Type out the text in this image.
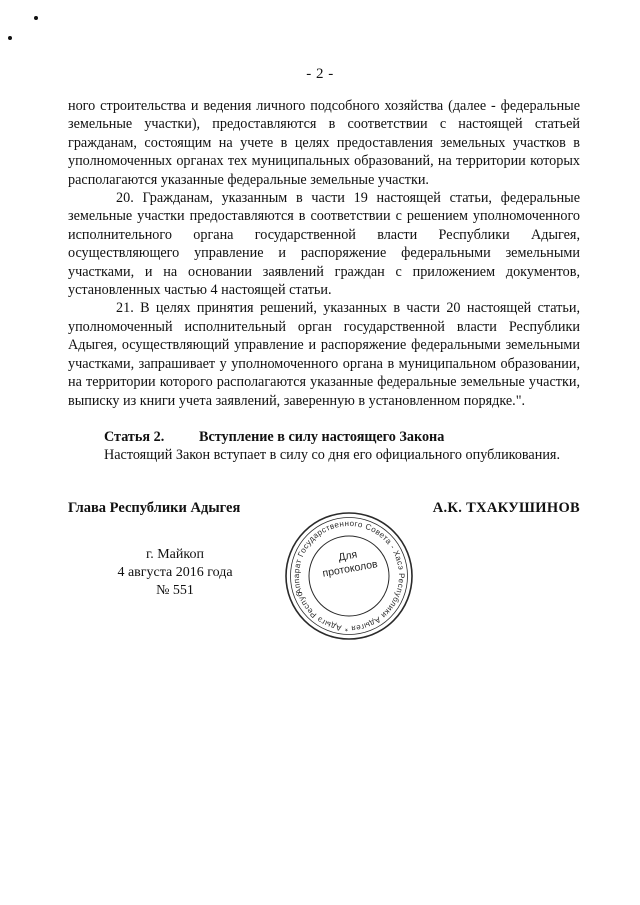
- 2 -

ного строительства и ведения личного подсобного хозяйства (далее - федеральные земельные участки), предоставляются в соответствии с настоящей статьей гражданам, состоящим на учете в целях предоставления земельных участков в уполномоченных органах тех муниципальных образований, на территории которых располагаются указанные федеральные земельные участки.

20. Гражданам, указанным в части 19 настоящей статьи, федеральные земельные участки предоставляются в соответствии с решением уполномоченного исполнительного органа государственной власти Республики Адыгея, осуществляющего управление и распоряжение федеральными земельными участками, и на основании заявлений граждан с приложением документов, установленных частью 4 настоящей статьи.

21. В целях принятия решений, указанных в части 20 настоящей статьи, уполномоченный исполнительный орган государственной власти Республики Адыгея, осуществляющий управление и распоряжение федеральными земельными участками, запрашивает у уполномоченного органа в муниципальном образовании, на территории которого располагаются указанные федеральные земельные участки, выписку из книги учета заявлений, заверенную в установленном порядке.".

Статья 2. Вступление в силу настоящего Закона
Настоящий Закон вступает в силу со дня его официального опубликования.
Глава Республики Адыгея	А.К. ТХАКУШИНОВ
г. Майкоп
4 августа 2016 года
№ 551	Аппарат Государственного Совета - Хасэ Республики Адыгея * Адыгэ Республикэм
Для протоколов
